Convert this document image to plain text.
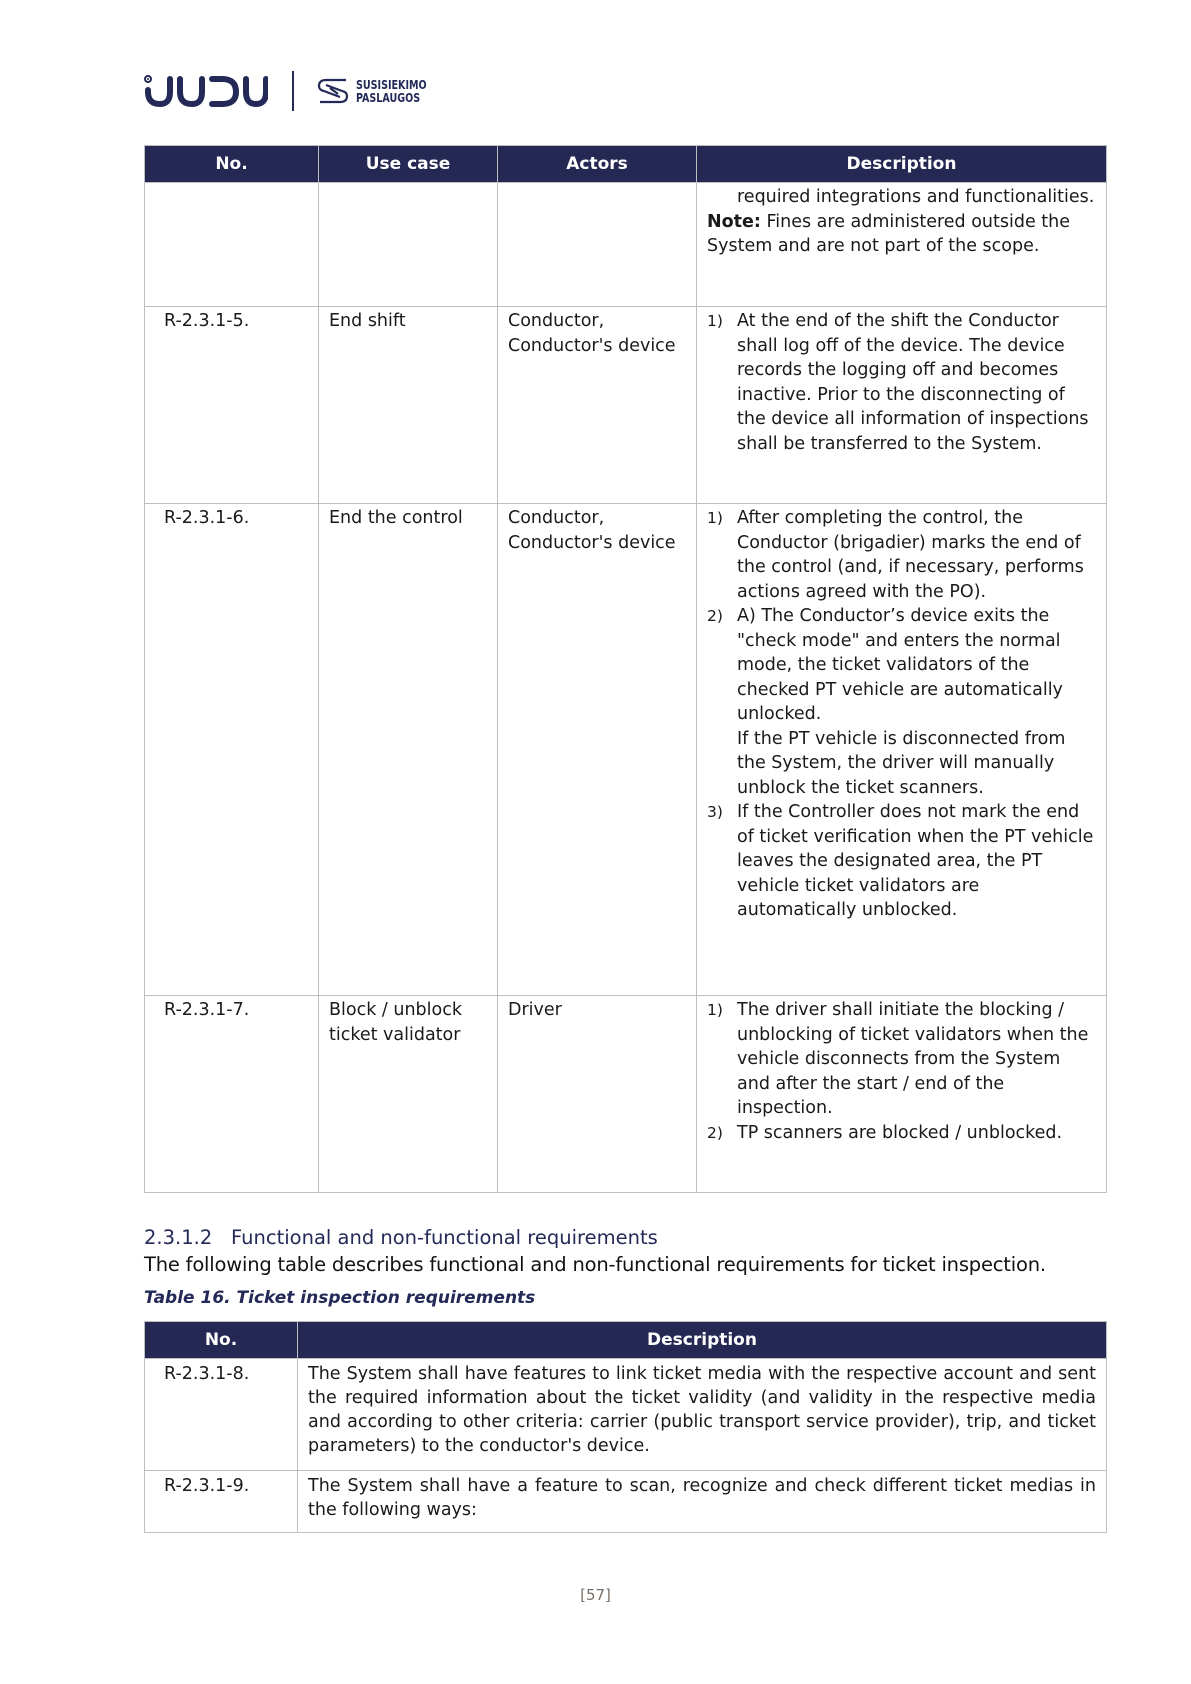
SUSISIEKIMO
PASLAUGOS
No.	Use case	Actors	Description

			required integrations and functionalities.
Note: Fines are administered outside the System and are not part of the scope.

R-2.3.1-5.	End shift	Conductor, Conductor's device	1) At the end of the shift the Conductor shall log off of the device. The device records the logging off and becomes inactive. Prior to the disconnecting of the device all information of inspections shall be transferred to the System.

R-2.3.1-6.	End the control	Conductor, Conductor's device	
1) After completing the control, the Conductor (brigadier) marks the end of the control (and, if necessary, performs actions agreed with the PO).
2) A) The Conductor’s device exits the "check mode" and enters the normal mode, the ticket validators of the checked PT vehicle are automatically unlocked.
If the PT vehicle is disconnected from the System, the driver will manually unblock the ticket scanners.
3) If the Controller does not mark the end of ticket verification when the PT vehicle leaves the designated area, the PT vehicle ticket validators are automatically unblocked.

R-2.3.1-7.	Block / unblock ticket validator	Driver	1) The driver shall initiate the blocking / unblocking of ticket validators when the vehicle disconnects from the System and after the start / end of the inspection.
2) TP scanners are blocked / unblocked.
2.3.1.2 Functional and non-functional requirements
The following table describes functional and non-functional requirements for ticket inspection.
Table 16. Ticket inspection requirements
No.	Description
R-2.3.1-8.	The System shall have features to link ticket media with the respective account and sent the required information about the ticket validity (and validity in the respective media and according to other criteria: carrier (public transport service provider), trip, and ticket parameters) to the conductor's device.
R-2.3.1-9.	The System shall have a feature to scan, recognize and check different ticket medias in the following ways:
[57]
